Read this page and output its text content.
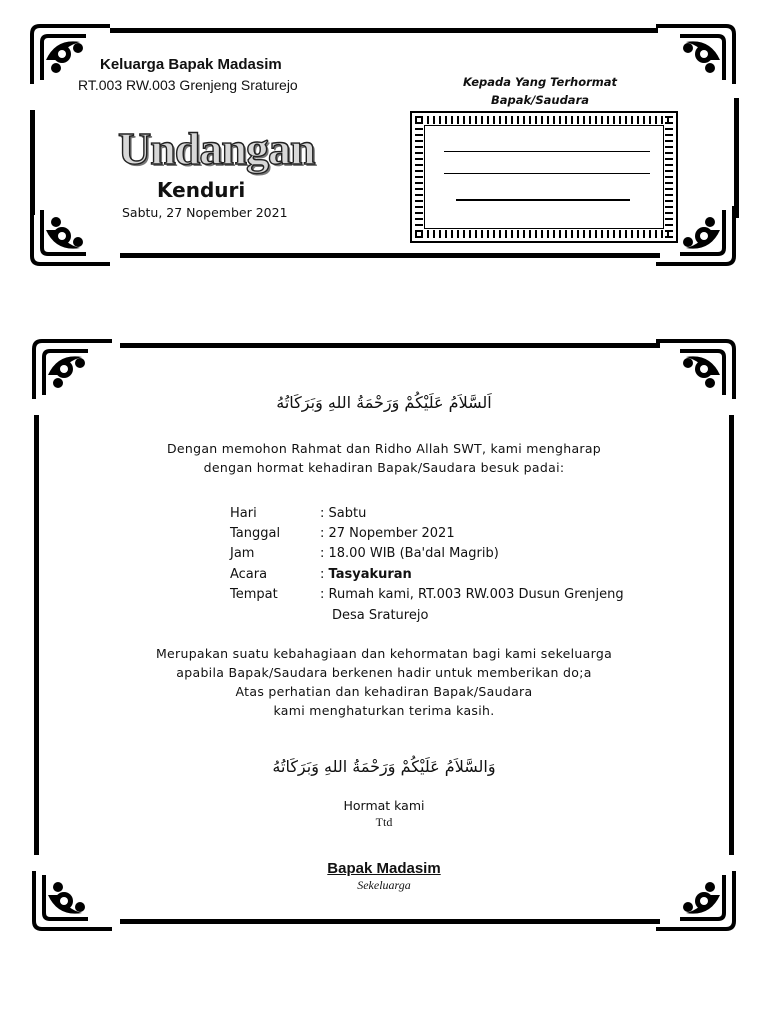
Keluarga Bapak Madasim
RT.003 RW.003 Grenjeng Sraturejo
Undangan
Kenduri
Sabtu, 27 Nopember 2021
Kepada Yang Terhormat
Bapak/Saudara
اَلسَّلاَمُ عَلَيْكُمْ وَرَحْمَةُ اللهِ وَبَرَكَاتُهُ
Dengan memohon Rahmat dan Ridho Allah SWT, kami mengharap
dengan hormat kehadiran Bapak/Saudara besuk padai:
Hari	: Sabtu
Tanggal	: 27 Nopember 2021
Jam	: 18.00 WIB (Ba'dal Magrib)
Acara	: Tasyakuran
Tempat	: Rumah kami, RT.003 RW.003 Dusun Grenjeng
Desa Sraturejo
Merupakan suatu kebahagiaan dan kehormatan bagi kami sekeluarga
apabila Bapak/Saudara berkenen hadir untuk memberikan do;a
Atas perhatian dan kehadiran Bapak/Saudara
kami menghaturkan terima kasih.
وَالسَّلاَمُ عَلَيْكُمْ وَرَحْمَةُ اللهِ وَبَرَكَاتُهُ
Hormat kami
Ttd
Bapak Madasim
Sekeluarga
